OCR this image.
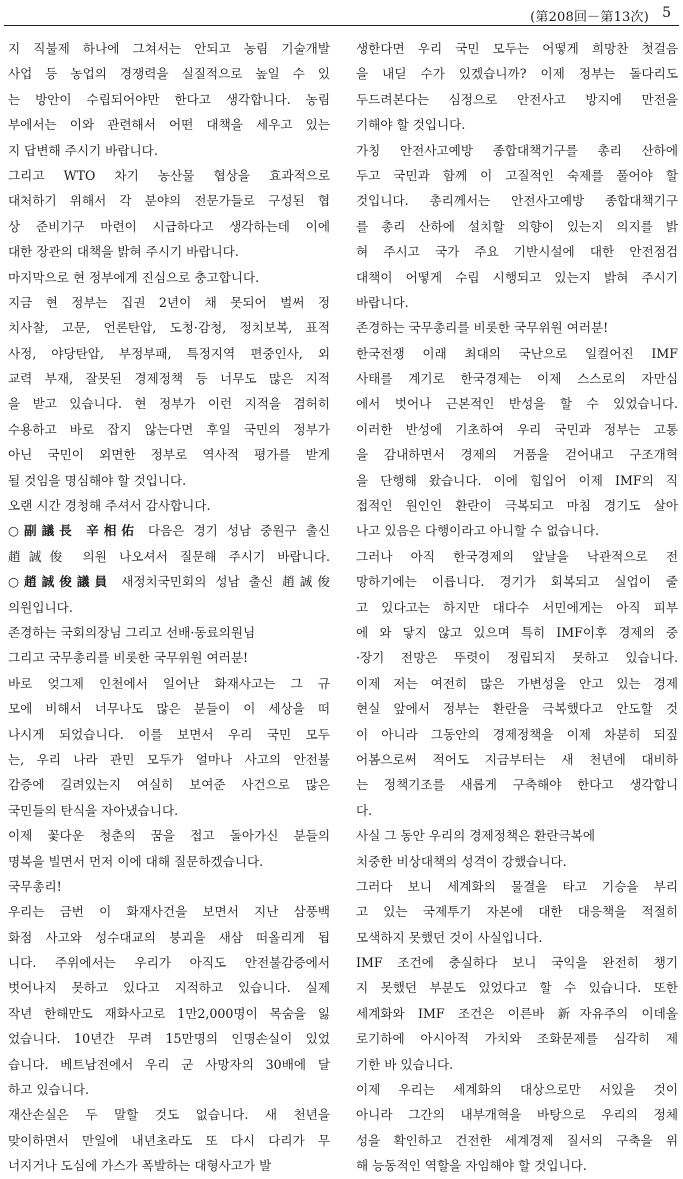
(第208回－第13次) 5
지 직불제 하나에 그쳐서는 안되고 농림 기술개발
사업 등 농업의 경쟁력을 실질적으로 높일 수 있
는 방안이 수립되어야만 한다고 생각합니다. 농림
부에서는 이와 관련해서 어떤 대책을 세우고 있는
지 답변해 주시기 바랍니다.
그리고 WTO 차기 농산물 협상을 효과적으로
대처하기 위해서 각 분야의 전문가들로 구성된 협
상 준비기구 마련이 시급하다고 생각하는데 이에
대한 장관의 대책을 밝혀 주시기 바랍니다.
마지막으로 현 정부에게 진심으로 충고합니다.
지금 현 정부는 집권 2년이 채 못되어 벌써 정
치사찰, 고문, 언론탄압, 도청·감청, 정치보복, 표적
사정, 야당탄압, 부정부패, 특정지역 편중인사, 외
교력 부재, 잘못된 경제정책 등 너무도 많은 지적
을 받고 있습니다. 현 정부가 이런 지적을 겸허히
수용하고 바로 잡지 않는다면 후일 국민의 정부가
아닌 국민이 외면한 정부로 역사적 평가를 받게
될 것임을 명심해야 할 것입니다.
오랜 시간 경청해 주셔서 감사합니다.
○副議長 辛相佑 다음은 경기 성남 중원구 출신
趙誠俊 의원 나오셔서 질문해 주시기 바랍니다.
○趙誠俊議員 새정치국민회의 성남 출신 趙誠俊
의원입니다.
존경하는 국회의장님 그리고 선배·동료의원님
그리고 국무총리를 비롯한 국무위원 여러분!
바로 엊그제 인천에서 일어난 화재사고는 그 규
모에 비해서 너무나도 많은 분들이 이 세상을 떠
나시게 되었습니다. 이를 보면서 우리 국민 모두
는, 우리 나라 관민 모두가 얼마나 사고의 안전불
감증에 길려있는지 여실히 보여준 사건으로 많은
국민들의 탄식을 자아냈습니다.
이제 꽃다운 청춘의 꿈을 접고 돌아가신 분들의
명복을 빌면서 먼저 이에 대해 질문하겠습니다.
국무총리!
우리는 금번 이 화재사건을 보면서 지난 삼풍백
화점 사고와 성수대교의 붕괴을 새삼 떠올리게 됩
니다. 주위에서는 우리가 아직도 안전불감증에서
벗어나지 못하고 있다고 지적하고 있습니다. 실제
작년 한해만도 재화사고로 1만2,000명이 목숨을 잃
었습니다. 10년간 무려 15만명의 인명손실이 있었
습니다. 베트남전에서 우리 군 사망자의 30배에 달
하고 있습니다.
재산손실은 두 말할 것도 없습니다. 새 천년을
맞이하면서 만일에 내년초라도 또 다시 다리가 무
너지거나 도심에 가스가 폭발하는 대형사고가 발
생한다면 우리 국민 모두는 어떻게 희망찬 첫걸음
을 내딛 수가 있겠습니까? 이제 정부는 돌다리도
두드려본다는 심정으로 안전사고 방지에 만전을
기해야 할 것입니다.
가칭 안전사고예방 종합대책기구를 총리 산하에
두고 국민과 함께 이 고질적인 숙제를 풀어야 할
것입니다. 총리께서는 안전사고예방 종합대책기구
를 총리 산하에 설치할 의향이 있는지 의지를 밝
혀 주시고 국가 주요 기반시설에 대한 안전점검
대책이 어떻게 수립 시행되고 있는지 밝혀 주시기
바랍니다.
존경하는 국무총리를 비롯한 국무위원 여러분!
한국전쟁 이래 최대의 국난으로 일컬어진 IMF
사태를 계기로 한국경제는 이제 스스로의 자만심
에서 벗어나 근본적인 반성을 할 수 있었습니다.
이러한 반성에 기초하여 우리 국민과 정부는 고통
을 감내하면서 경제의 거품을 걷어내고 구조개혁
을 단행해 왔습니다. 이에 힘입어 이제 IMF의 직
접적인 원인인 환란이 극복되고 마침 경기도 살아
나고 있음은 다행이라고 아니할 수 없습니다.
그러나 아직 한국경제의 앞날을 낙관적으로 전
망하기에는 이릅니다. 경기가 회복되고 실업이 줄
고 있다고는 하지만 대다수 서민에게는 아직 피부
에 와 닿지 않고 있으며 특히 IMF이후 경제의 중
·장기 전망은 뚜렷이 정립되지 못하고 있습니다.
이제 저는 여전히 많은 가변성을 안고 있는 경제
현실 앞에서 정부는 환란을 극복했다고 안도할 것
이 아니라 그동안의 경제정책을 이제 차분히 되짚
어봄으로써 적어도 지금부터는 새 천년에 대비하
는 정책기조를 새롭게 구축해야 한다고 생각합니
다.
사실 그 동안 우리의 경제정책은 환란극복에
치중한 비상대책의 성격이 강했습니다.
그러다 보니 세계화의 물결을 타고 기승을 부리
고 있는 국제투기 자본에 대한 대응책을 적절히
모색하지 못했던 것이 사실입니다.
IMF 조건에 충실하다 보니 국익을 완전히 챙기
지 못했던 부분도 있었다고 할 수 있습니다. 또한
세계화와 IMF 조건은 이른바 新자유주의 이데올
로기하에 아시아적 가치와 조화문제를 심각히 제
기한 바 있습니다.
이제 우리는 세계화의 대상으로만 서있을 것이
아니라 그간의 내부개혁을 바탕으로 우리의 정체
성을 확인하고 건전한 세계경제 질서의 구축을 위
해 능동적인 역할을 자임해야 할 것입니다.
